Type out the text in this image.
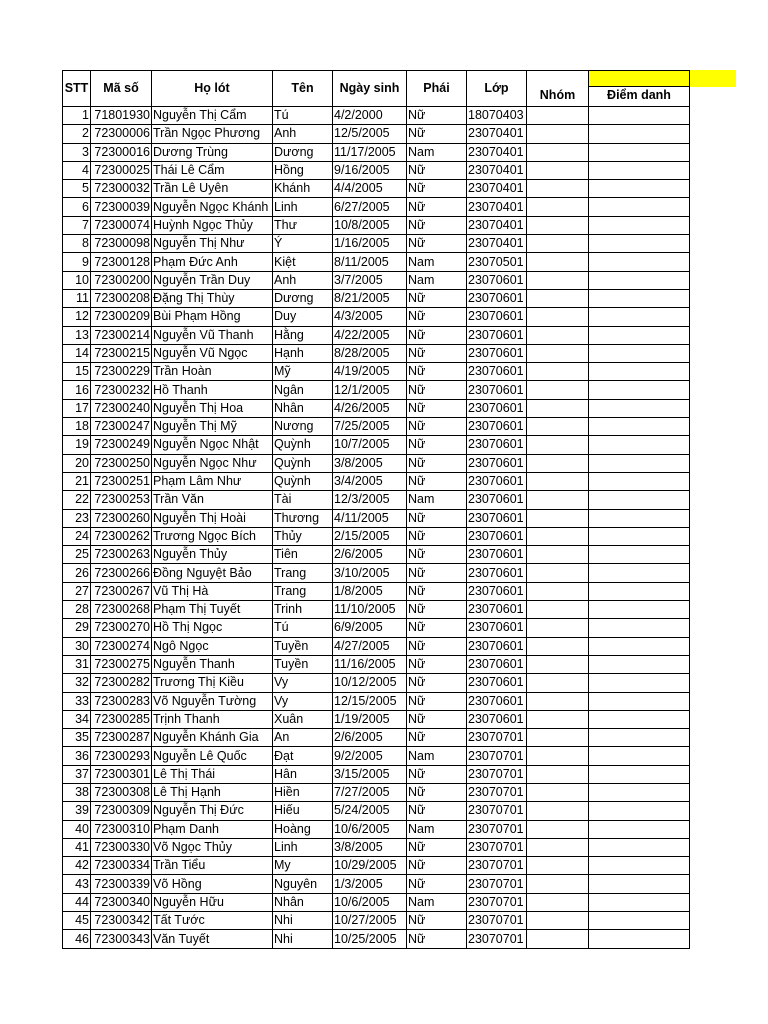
STT	Mã số	Họ lót	Tên	Ngày sinh	Phái	Lớp	Nhóm	Điểm danh

1	71801930	Nguyễn Thị Cẩm	Tú	4/2/2000	Nữ	18070403		
2	72300006	Trần Ngọc Phương	Anh	12/5/2005	Nữ	23070401		
3	72300016	Dương Trùng	Dương	11/17/2005	Nam	23070401		
4	72300025	Thái Lê Cẩm	Hồng	9/16/2005	Nữ	23070401		
5	72300032	Trần Lê Uyên	Khánh	4/4/2005	Nữ	23070401		
6	72300039	Nguyễn Ngọc Khánh	Linh	6/27/2005	Nữ	23070401		
7	72300074	Huỳnh Ngọc Thủy	Thư	10/8/2005	Nữ	23070401		
8	72300098	Nguyễn Thị Như	Ý	1/16/2005	Nữ	23070401		
9	72300128	Phạm Đức Anh	Kiệt	8/11/2005	Nam	23070501		
10	72300200	Nguyễn Trần Duy	Anh	3/7/2005	Nam	23070601		
11	72300208	Đặng Thị Thùy	Dương	8/21/2005	Nữ	23070601		
12	72300209	Bùi Phạm Hồng	Duy	4/3/2005	Nữ	23070601		
13	72300214	Nguyễn Vũ Thanh	Hằng	4/22/2005	Nữ	23070601		
14	72300215	Nguyễn Vũ Ngọc	Hạnh	8/28/2005	Nữ	23070601		
15	72300229	Trần Hoàn	Mỹ	4/19/2005	Nữ	23070601		
16	72300232	Hồ Thanh	Ngân	12/1/2005	Nữ	23070601		
17	72300240	Nguyễn Thị Hoa	Nhân	4/26/2005	Nữ	23070601		
18	72300247	Nguyễn Thị Mỹ	Nương	7/25/2005	Nữ	23070601		
19	72300249	Nguyễn Ngọc Nhật	Quỳnh	10/7/2005	Nữ	23070601		
20	72300250	Nguyễn Ngọc Như	Quỳnh	3/8/2005	Nữ	23070601		
21	72300251	Phạm Lâm Như	Quỳnh	3/4/2005	Nữ	23070601		
22	72300253	Trần Văn	Tài	12/3/2005	Nam	23070601		
23	72300260	Nguyễn Thị Hoài	Thương	4/11/2005	Nữ	23070601		
24	72300262	Trương Ngọc Bích	Thủy	2/15/2005	Nữ	23070601		
25	72300263	Nguyễn Thủy	Tiên	2/6/2005	Nữ	23070601		
26	72300266	Đồng Nguyệt Bảo	Trang	3/10/2005	Nữ	23070601		
27	72300267	Vũ Thị Hà	Trang	1/8/2005	Nữ	23070601		
28	72300268	Phạm Thị Tuyết	Trinh	11/10/2005	Nữ	23070601		
29	72300270	Hồ Thị Ngọc	Tú	6/9/2005	Nữ	23070601		
30	72300274	Ngô Ngọc	Tuyền	4/27/2005	Nữ	23070601		
31	72300275	Nguyễn Thanh	Tuyền	11/16/2005	Nữ	23070601		
32	72300282	Trương Thị Kiều	Vy	10/12/2005	Nữ	23070601		
33	72300283	Võ Nguyễn Tường	Vy	12/15/2005	Nữ	23070601		
34	72300285	Trịnh Thanh	Xuân	1/19/2005	Nữ	23070601		
35	72300287	Nguyễn Khánh Gia	An	2/6/2005	Nữ	23070701		
36	72300293	Nguyễn Lê Quốc	Đạt	9/2/2005	Nam	23070701		
37	72300301	Lê Thị Thái	Hân	3/15/2005	Nữ	23070701		
38	72300308	Lê Thị Hạnh	Hiền	7/27/2005	Nữ	23070701		
39	72300309	Nguyễn Thị Đức	Hiếu	5/24/2005	Nữ	23070701		
40	72300310	Phạm Danh	Hoàng	10/6/2005	Nam	23070701		
41	72300330	Võ Ngọc Thủy	Linh	3/8/2005	Nữ	23070701		
42	72300334	Trần Tiểu	My	10/29/2005	Nữ	23070701		
43	72300339	Võ Hồng	Nguyên	1/3/2005	Nữ	23070701		
44	72300340	Nguyễn Hữu	Nhân	10/6/2005	Nam	23070701		
45	72300342	Tất Tước	Nhi	10/27/2005	Nữ	23070701		
46	72300343	Văn Tuyết	Nhi	10/25/2005	Nữ	23070701		
